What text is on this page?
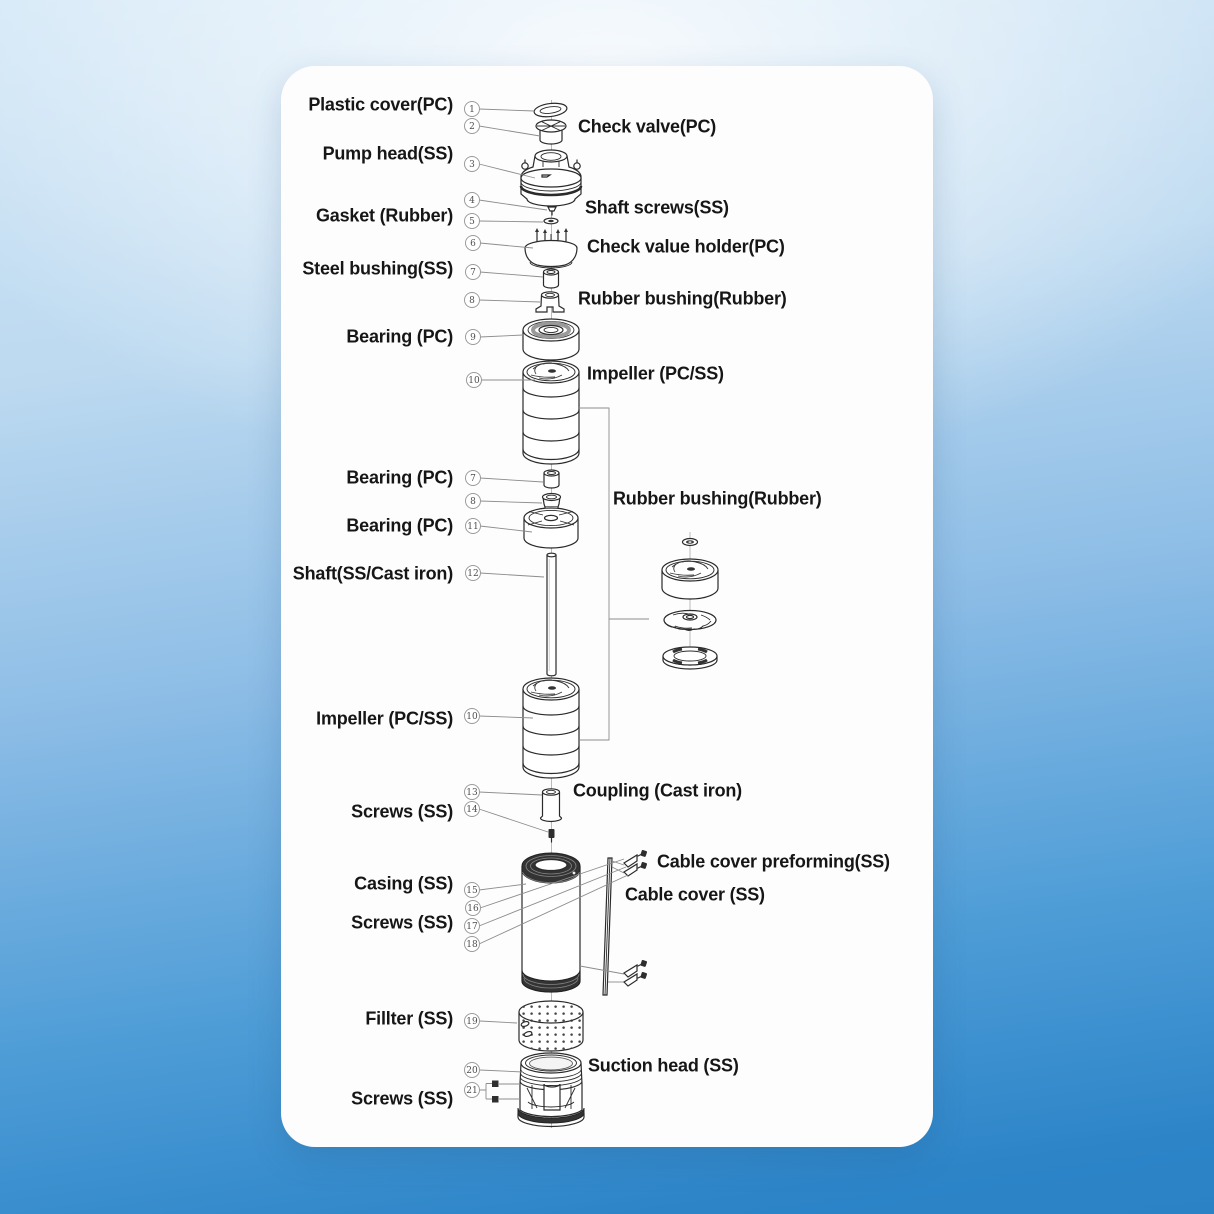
1
2
3
4
5
6
7
8
9
10
7
8
11
12
10
13
14
15
16
17
18
19
20
21
Plastic cover(PC)
Pump head(SS)
Gasket (Rubber)
Steel bushing(SS)
Bearing (PC)
Bearing (PC)
Bearing (PC)
Shaft(SS/Cast iron)
Impeller (PC/SS)
Screws (SS)
Casing (SS)
Screws (SS)
Fillter (SS)
Screws (SS)
Check valve(PC)
Shaft screws(SS)
Check value holder(PC)
Rubber bushing(Rubber)
Impeller (PC/SS)
Rubber bushing(Rubber)
Coupling (Cast iron)
Cable cover preforming(SS)
Cable cover (SS)
Suction head (SS)
